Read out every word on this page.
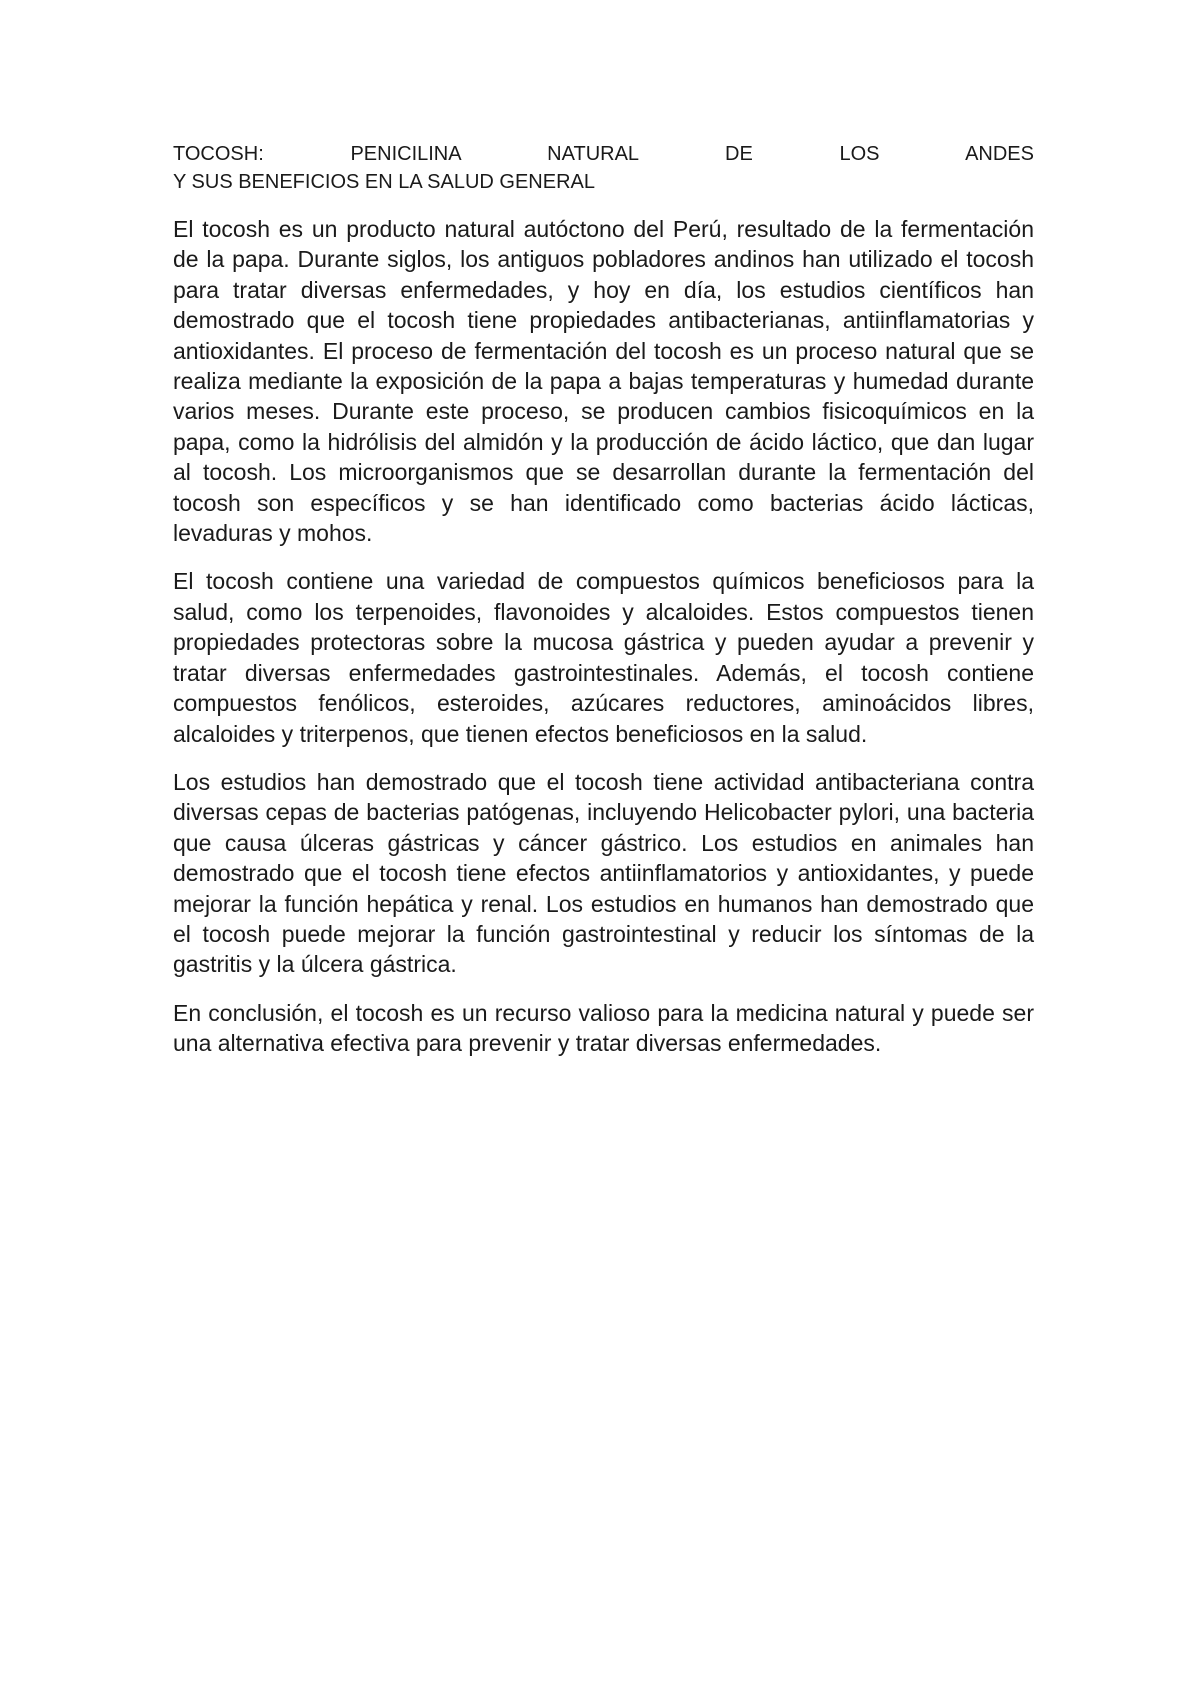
TOCOSH: PENICILINA NATURAL DE LOS ANDES
Y SUS BENEFICIOS EN LA SALUD GENERAL

El tocosh es un producto natural autóctono del Perú, resultado de la fermentación de la papa. Durante siglos, los antiguos pobladores andinos han utilizado el tocosh para tratar diversas enfermedades, y hoy en día, los estudios científicos han demostrado que el tocosh tiene propiedades antibacterianas, antiinflamatorias y antioxidantes. El proceso de fermentación del tocosh es un proceso natural que se realiza mediante la exposición de la papa a bajas temperaturas y humedad durante varios meses. Durante este proceso, se producen cambios fisicoquímicos en la papa, como la hidrólisis del almidón y la producción de ácido láctico, que dan lugar al tocosh. Los microorganismos que se desarrollan durante la fermentación del tocosh son específicos y se han identificado como bacterias ácido lácticas, levaduras y mohos.

El tocosh contiene una variedad de compuestos químicos beneficiosos para la salud, como los terpenoides, flavonoides y alcaloides. Estos compuestos tienen propiedades protectoras sobre la mucosa gástrica y pueden ayudar a prevenir y tratar diversas enfermedades gastrointestinales. Además, el tocosh contiene compuestos fenólicos, esteroides, azúcares reductores, aminoácidos libres, alcaloides y triterpenos, que tienen efectos beneficiosos en la salud.

Los estudios han demostrado que el tocosh tiene actividad antibacteriana contra diversas cepas de bacterias patógenas, incluyendo Helicobacter pylori, una bacteria que causa úlceras gástricas y cáncer gástrico. Los estudios en animales han demostrado que el tocosh tiene efectos antiinflamatorios y antioxidantes, y puede mejorar la función hepática y renal. Los estudios en humanos han demostrado que el tocosh puede mejorar la función gastrointestinal y reducir los síntomas de la gastritis y la úlcera gástrica.

En conclusión, el tocosh es un recurso valioso para la medicina natural y puede ser una alternativa efectiva para prevenir y tratar diversas enfermedades.
